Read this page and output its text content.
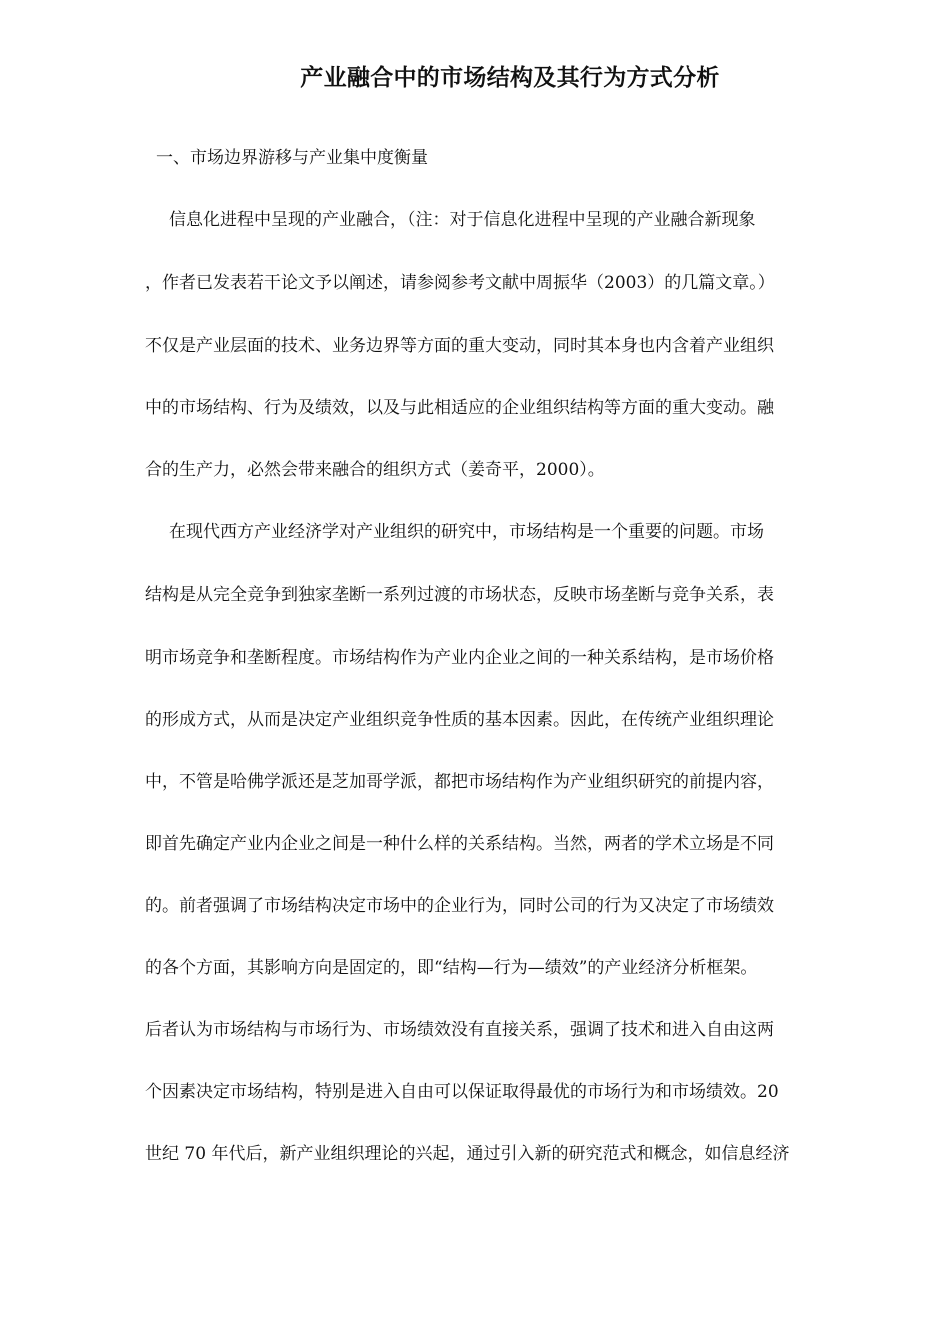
产业融合中的市场结构及其行为方式分析
一、市场边界游移与产业集中度衡量
信息化进程中呈现的产业融合，（注：对于信息化进程中呈现的产业融合新现象
，作者已发表若干论文予以阐述，请参阅参考文献中周振华（2003）的几篇文章。）
不仅是产业层面的技术、业务边界等方面的重大变动，同时其本身也内含着产业组织
中的市场结构、行为及绩效，以及与此相适应的企业组织结构等方面的重大变动。融
合的生产力，必然会带来融合的组织方式（姜奇平，2000）。
在现代西方产业经济学对产业组织的研究中，市场结构是一个重要的问题。市场
结构是从完全竞争到独家垄断一系列过渡的市场状态，反映市场垄断与竞争关系，表
明市场竞争和垄断程度。市场结构作为产业内企业之间的一种关系结构，是市场价格
的形成方式，从而是决定产业组织竞争性质的基本因素。因此，在传统产业组织理论
中，不管是哈佛学派还是芝加哥学派，都把市场结构作为产业组织研究的前提内容，
即首先确定产业内企业之间是一种什么样的关系结构。当然，两者的学术立场是不同
的。前者强调了市场结构决定市场中的企业行为，同时公司的行为又决定了市场绩效
的各个方面，其影响方向是固定的，即“结构—行为—绩效”的产业经济分析框架。
后者认为市场结构与市场行为、市场绩效没有直接关系，强调了技术和进入自由这两
个因素决定市场结构，特别是进入自由可以保证取得最优的市场行为和市场绩效。20
世纪 70 年代后，新产业组织理论的兴起，通过引入新的研究范式和概念，如信息经济
